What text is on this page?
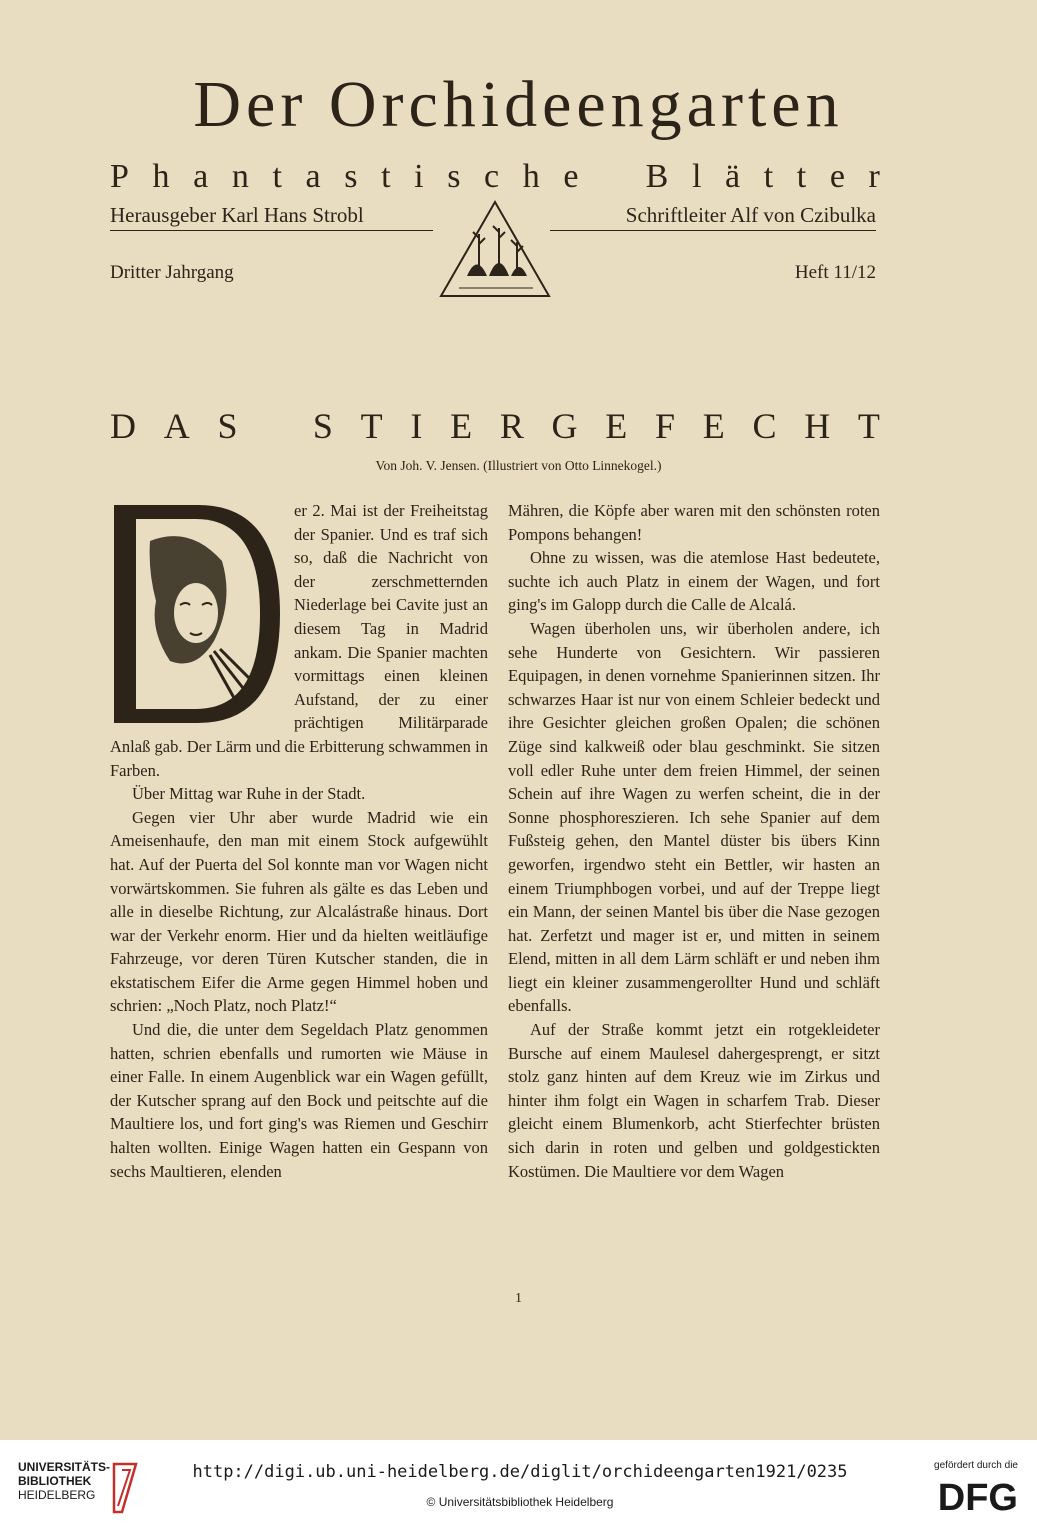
Der Orchideengarten
P h a n t a s t i s c h e B l ä t t e r
Herausgeber Karl Hans Strobl	Schriftleiter Alf von Czibulka
Dritter Jahrgang	Heft 11/12
D A S S T I E R G E F E C H T
Von Joh. V. Jensen. (Illustriert von Otto Linnekogel.)

er 2. Mai ist der Freiheitstag der Spanier. Und es traf sich so, daß die Nachricht von der zerschmetternden Niederlage bei Cavite just an diesem Tag in Madrid ankam. Die Spanier machten vormittags einen kleinen Aufstand, der zu einer prächtigen Militärparade Anlaß gab. Der Lärm und die Erbitterung schwammen in Farben.

Über Mittag war Ruhe in der Stadt.

Gegen vier Uhr aber wurde Madrid wie ein Ameisenhaufe, den man mit einem Stock aufgewühlt hat. Auf der Puerta del Sol konnte man vor Wagen nicht vorwärtskommen. Sie fuhren als gälte es das Leben und alle in dieselbe Richtung, zur Alcalástraße hinaus. Dort war der Verkehr enorm. Hier und da hielten weitläufige Fahrzeuge, vor deren Türen Kutscher standen, die in ekstatischem Eifer die Arme gegen Himmel hoben und schrien: „Noch Platz, noch Platz!“

Und die, die unter dem Segeldach Platz genommen hatten, schrien ebenfalls und rumorten wie Mäuse in einer Falle. In einem Augenblick war ein Wagen gefüllt, der Kutscher sprang auf den Bock und peitschte auf die Maultiere los, und fort ging's was Riemen und Geschirr halten wollten. Einige Wagen hatten ein Gespann von sechs Maultieren, elenden

Mähren, die Köpfe aber waren mit den schönsten roten Pompons behangen!

Ohne zu wissen, was die atemlose Hast bedeutete, suchte ich auch Platz in einem der Wagen, und fort ging's im Galopp durch die Calle de Alcalá.

Wagen überholen uns, wir überholen andere, ich sehe Hunderte von Gesichtern. Wir passieren Equipagen, in denen vornehme Spanierinnen sitzen. Ihr schwarzes Haar ist nur von einem Schleier bedeckt und ihre Gesichter gleichen großen Opalen; die schönen Züge sind kalkweiß oder blau geschminkt. Sie sitzen voll edler Ruhe unter dem freien Himmel, der seinen Schein auf ihre Wagen zu werfen scheint, die in der Sonne phosphoreszieren. Ich sehe Spanier auf dem Fußsteig gehen, den Mantel düster bis übers Kinn geworfen, irgendwo steht ein Bettler, wir hasten an einem Triumphbogen vorbei, und auf der Treppe liegt ein Mann, der seinen Mantel bis über die Nase gezogen hat. Zerfetzt und mager ist er, und mitten in seinem Elend, mitten in all dem Lärm schläft er und neben ihm liegt ein kleiner zusammengerollter Hund und schläft ebenfalls.

Auf der Straße kommt jetzt ein rotgekleideter Bursche auf einem Maulesel dahergesprengt, er sitzt stolz ganz hinten auf dem Kreuz wie im Zirkus und hinter ihm folgt ein Wagen in scharfem Trab. Dieser gleicht einem Blumenkorb, acht Stierfechter brüsten sich darin in roten und gelben und goldgestickten Kostümen. Die Maultiere vor dem Wagen

1
UNIVERSITÄTS-
BIBLIOTHEK
HEIDELBERG
http://digi.ub.uni-heidelberg.de/diglit/orchideengarten1921/0235
© Universitätsbibliothek Heidelberg
gefördert durch die
DFG
